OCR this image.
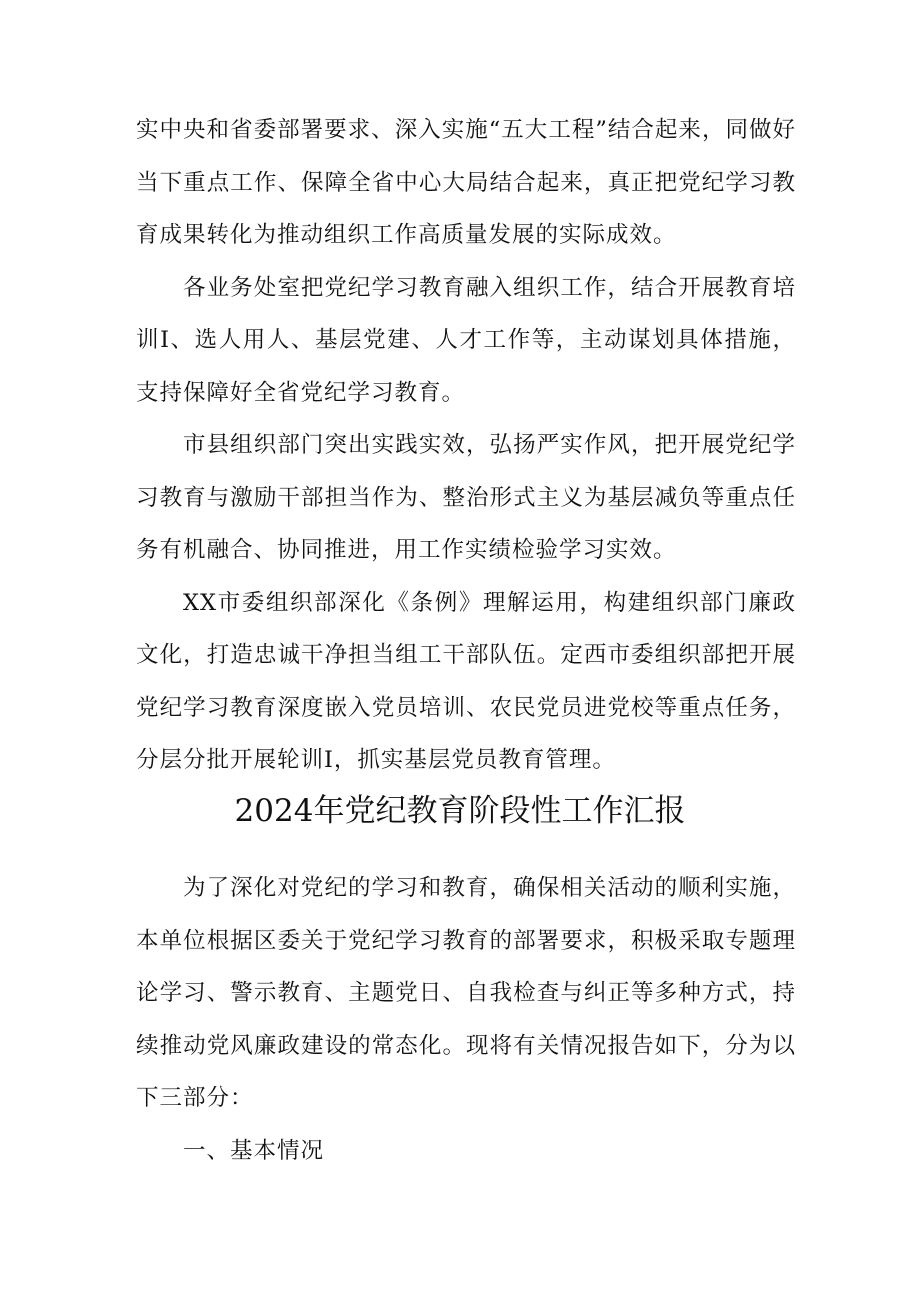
实中央和省委部署要求、深入实施“五大工程”结合起来，同做好当下重点工作、保障全省中心大局结合起来，真正把党纪学习教育成果转化为推动组织工作高质量发展的实际成效。

各业务处室把党纪学习教育融入组织工作，结合开展教育培训I、选人用人、基层党建、人才工作等，主动谋划具体措施，支持保障好全省党纪学习教育。

市县组织部门突出实践实效，弘扬严实作风，把开展党纪学习教育与激励干部担当作为、整治形式主义为基层减负等重点任务有机融合、协同推进，用工作实绩检验学习实效。

XX市委组织部深化《条例》理解运用，构建组织部门廉政文化，打造忠诚干净担当组工干部队伍。定西市委组织部把开展党纪学习教育深度嵌入党员培训、农民党员进党校等重点任务，分层分批开展轮训I，抓实基层党员教育管理。

2024年党纪教育阶段性工作汇报

为了深化对党纪的学习和教育，确保相关活动的顺利实施，本单位根据区委关于党纪学习教育的部署要求，积极采取专题理论学习、警示教育、主题党日、自我检查与纠正等多种方式，持续推动党风廉政建设的常态化。现将有关情况报告如下，分为以下三部分：

一、基本情况
